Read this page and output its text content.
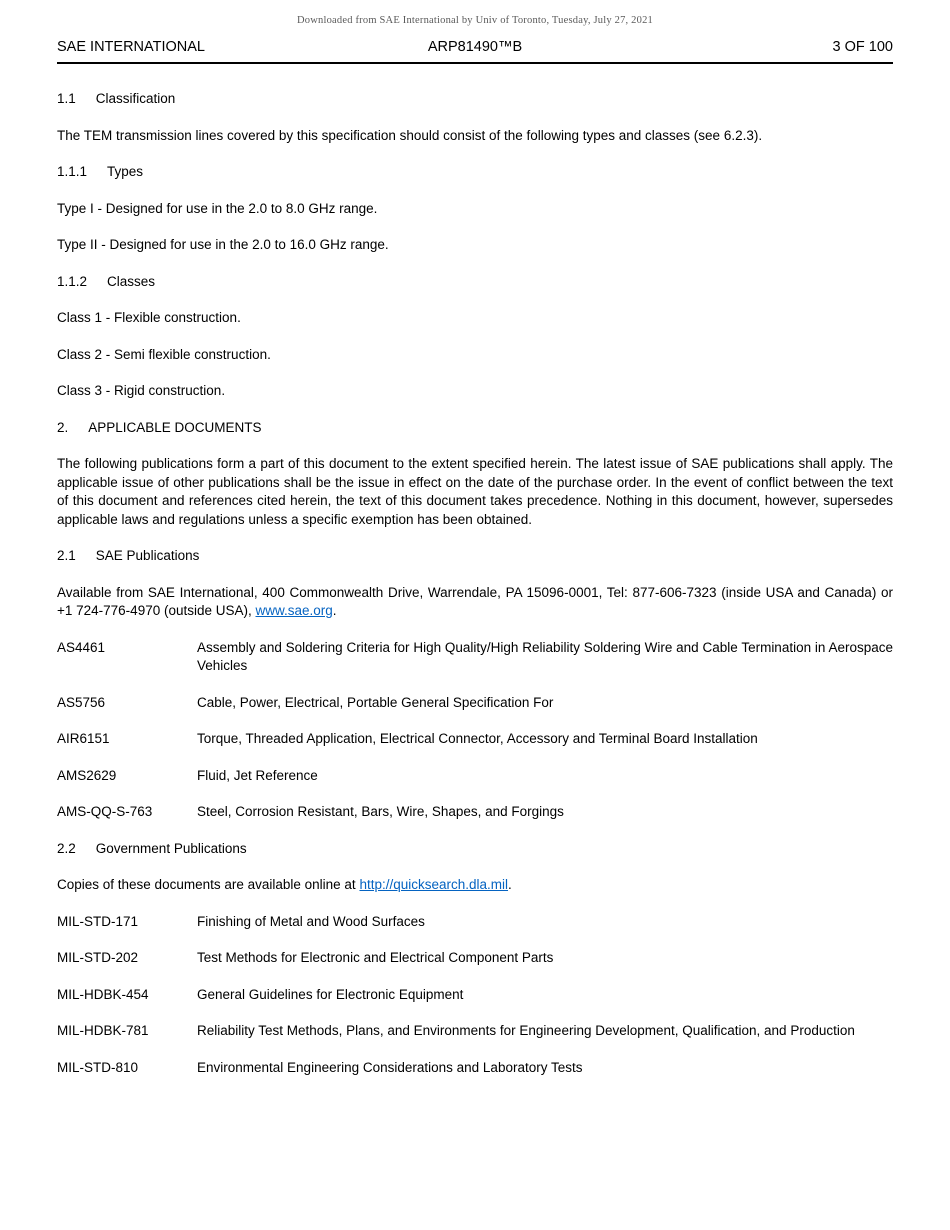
Downloaded from SAE International by Univ of Toronto, Tuesday, July 27, 2021
SAE INTERNATIONAL	ARP81490™B	3 OF 100
1.1 Classification

The TEM transmission lines covered by this specification should consist of the following types and classes (see 6.2.3).

1.1.1 Types

Type I - Designed for use in the 2.0 to 8.0 GHz range.

Type II - Designed for use in the 2.0 to 16.0 GHz range.

1.1.2 Classes

Class 1 - Flexible construction.

Class 2 - Semi flexible construction.

Class 3 - Rigid construction.

2. APPLICABLE DOCUMENTS

The following publications form a part of this document to the extent specified herein. The latest issue of SAE publications shall apply. The applicable issue of other publications shall be the issue in effect on the date of the purchase order. In the event of conflict between the text of this document and references cited herein, the text of this document takes precedence. Nothing in this document, however, supersedes applicable laws and regulations unless a specific exemption has been obtained.

2.1 SAE Publications

Available from SAE International, 400 Commonwealth Drive, Warrendale, PA 15096-0001, Tel: 877-606-7323 (inside USA and Canada) or +1 724-776-4970 (outside USA), www.sae.org.

AS4461	Assembly and Soldering Criteria for High Quality/High Reliability Soldering Wire and Cable Termination in Aerospace Vehicles
AS5756	Cable, Power, Electrical, Portable General Specification For
AIR6151	Torque, Threaded Application, Electrical Connector, Accessory and Terminal Board Installation
AMS2629	Fluid, Jet Reference
AMS-QQ-S-763	Steel, Corrosion Resistant, Bars, Wire, Shapes, and Forgings
2.2 Government Publications

Copies of these documents are available online at http://quicksearch.dla.mil.

MIL-STD-171	Finishing of Metal and Wood Surfaces
MIL-STD-202	Test Methods for Electronic and Electrical Component Parts
MIL-HDBK-454	General Guidelines for Electronic Equipment
MIL-HDBK-781	Reliability Test Methods, Plans, and Environments for Engineering Development, Qualification, and Production
MIL-STD-810	Environmental Engineering Considerations and Laboratory Tests
